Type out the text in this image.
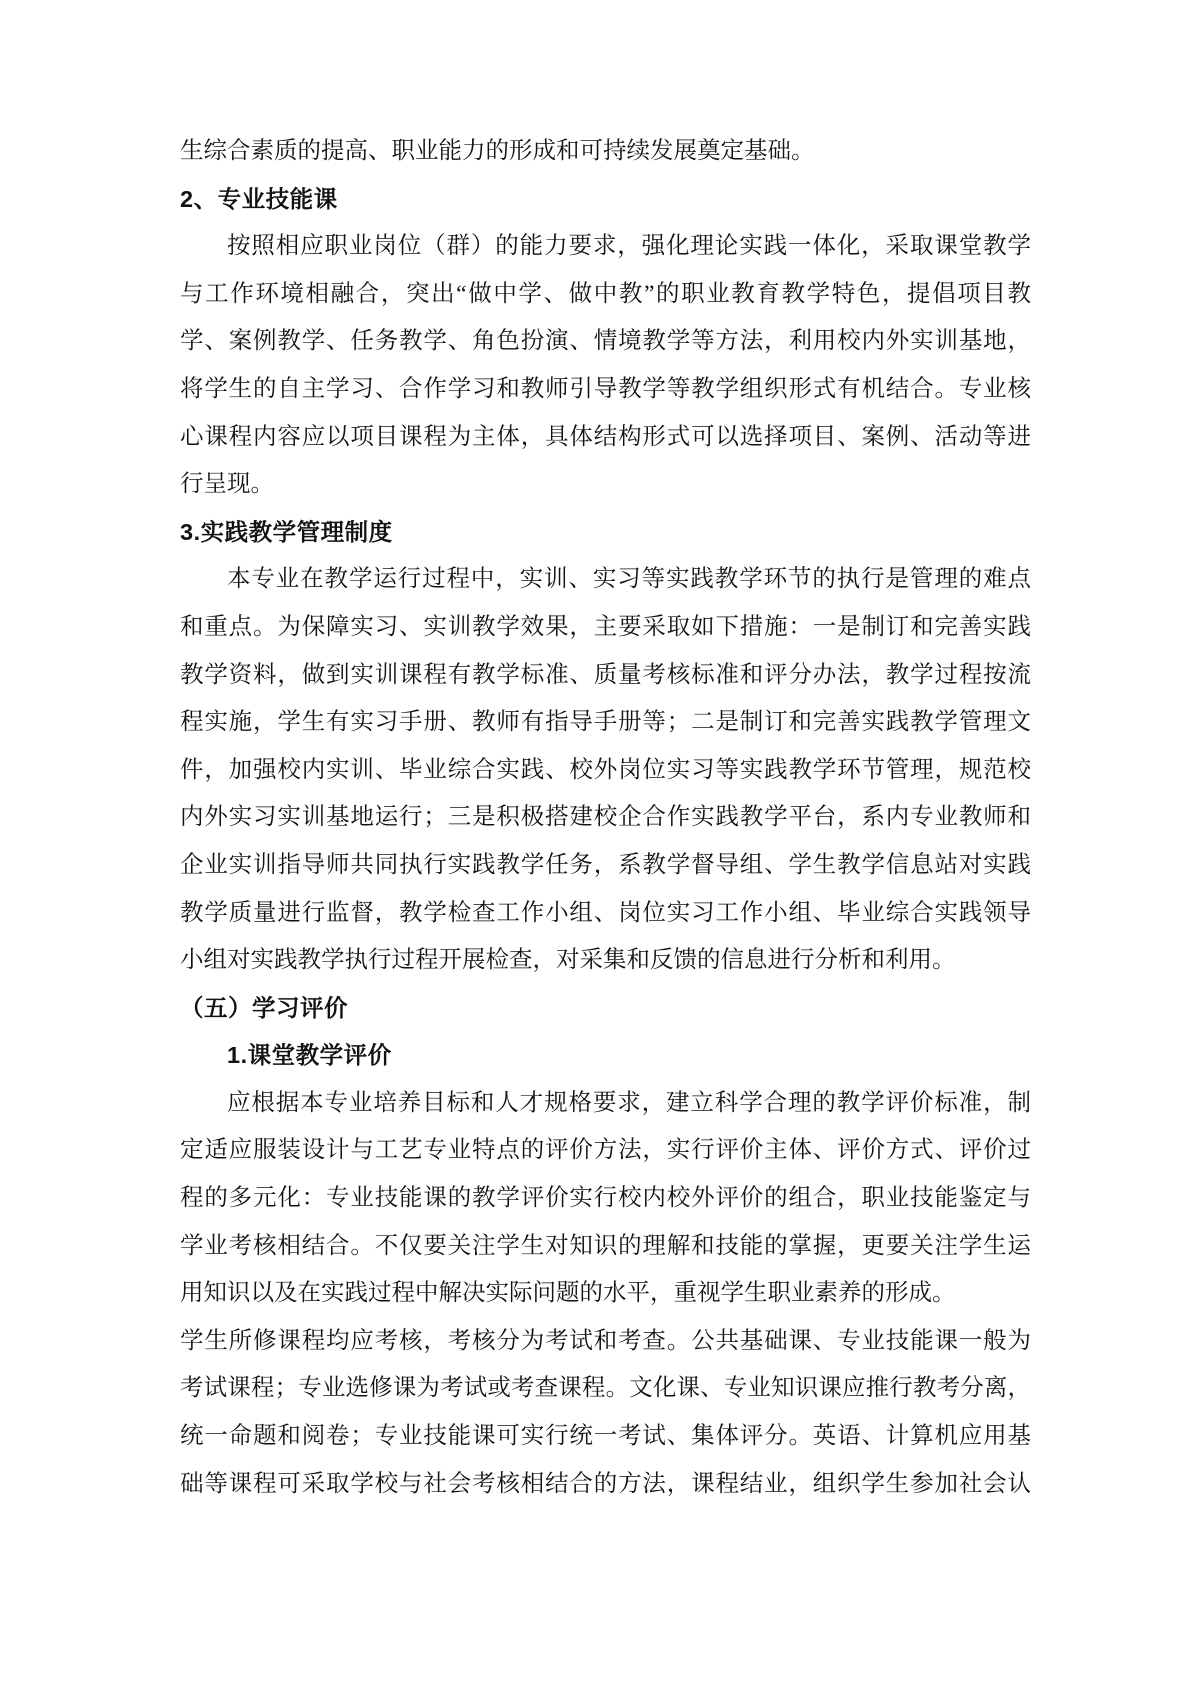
生综合素质的提高、职业能力的形成和可持续发展奠定基础。
2、专业技能课
按照相应职业岗位（群）的能力要求，强化理论实践一体化，采取课堂教学
与工作环境相融合，突出“做中学、做中教”的职业教育教学特色，提倡项目教
学、案例教学、任务教学、角色扮演、情境教学等方法，利用校内外实训基地，
将学生的自主学习、合作学习和教师引导教学等教学组织形式有机结合。专业核
心课程内容应以项目课程为主体，具体结构形式可以选择项目、案例、活动等进
行呈现。
3.实践教学管理制度
本专业在教学运行过程中，实训、实习等实践教学环节的执行是管理的难点
和重点。为保障实习、实训教学效果，主要采取如下措施：一是制订和完善实践
教学资料，做到实训课程有教学标准、质量考核标准和评分办法，教学过程按流
程实施，学生有实习手册、教师有指导手册等；二是制订和完善实践教学管理文
件，加强校内实训、毕业综合实践、校外岗位实习等实践教学环节管理，规范校
内外实习实训基地运行；三是积极搭建校企合作实践教学平台，系内专业教师和
企业实训指导师共同执行实践教学任务，系教学督导组、学生教学信息站对实践
教学质量进行监督，教学检查工作小组、岗位实习工作小组、毕业综合实践领导
小组对实践教学执行过程开展检查，对采集和反馈的信息进行分析和利用。
（五）学习评价
1.课堂教学评价
应根据本专业培养目标和人才规格要求，建立科学合理的教学评价标准，制
定适应服装设计与工艺专业特点的评价方法，实行评价主体、评价方式、评价过
程的多元化：专业技能课的教学评价实行校内校外评价的组合，职业技能鉴定与
学业考核相结合。不仅要关注学生对知识的理解和技能的掌握，更要关注学生运
用知识以及在实践过程中解决实际问题的水平，重视学生职业素养的形成。
学生所修课程均应考核，考核分为考试和考查。公共基础课、专业技能课一般为
考试课程；专业选修课为考试或考查课程。文化课、专业知识课应推行教考分离，
统一命题和阅卷；专业技能课可实行统一考试、集体评分。英语、计算机应用基
础等课程可采取学校与社会考核相结合的方法，课程结业，组织学生参加社会认
